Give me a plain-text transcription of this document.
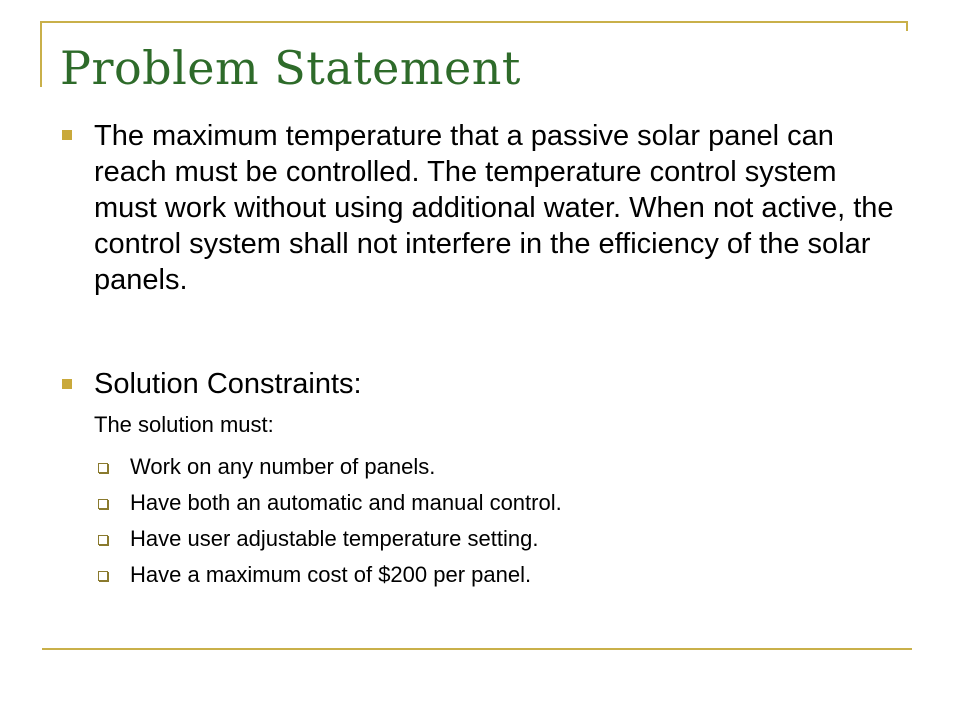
Problem Statement
The maximum temperature that a passive solar panel can reach must be controlled. The temperature control system must work without using additional water. When not active, the control system shall not interfere in the efficiency of the solar panels.
Solution Constraints:
The solution must:
Work on any number of panels.
Have both an automatic and manual control.
Have user adjustable temperature setting.
Have a maximum cost of $200 per panel.
